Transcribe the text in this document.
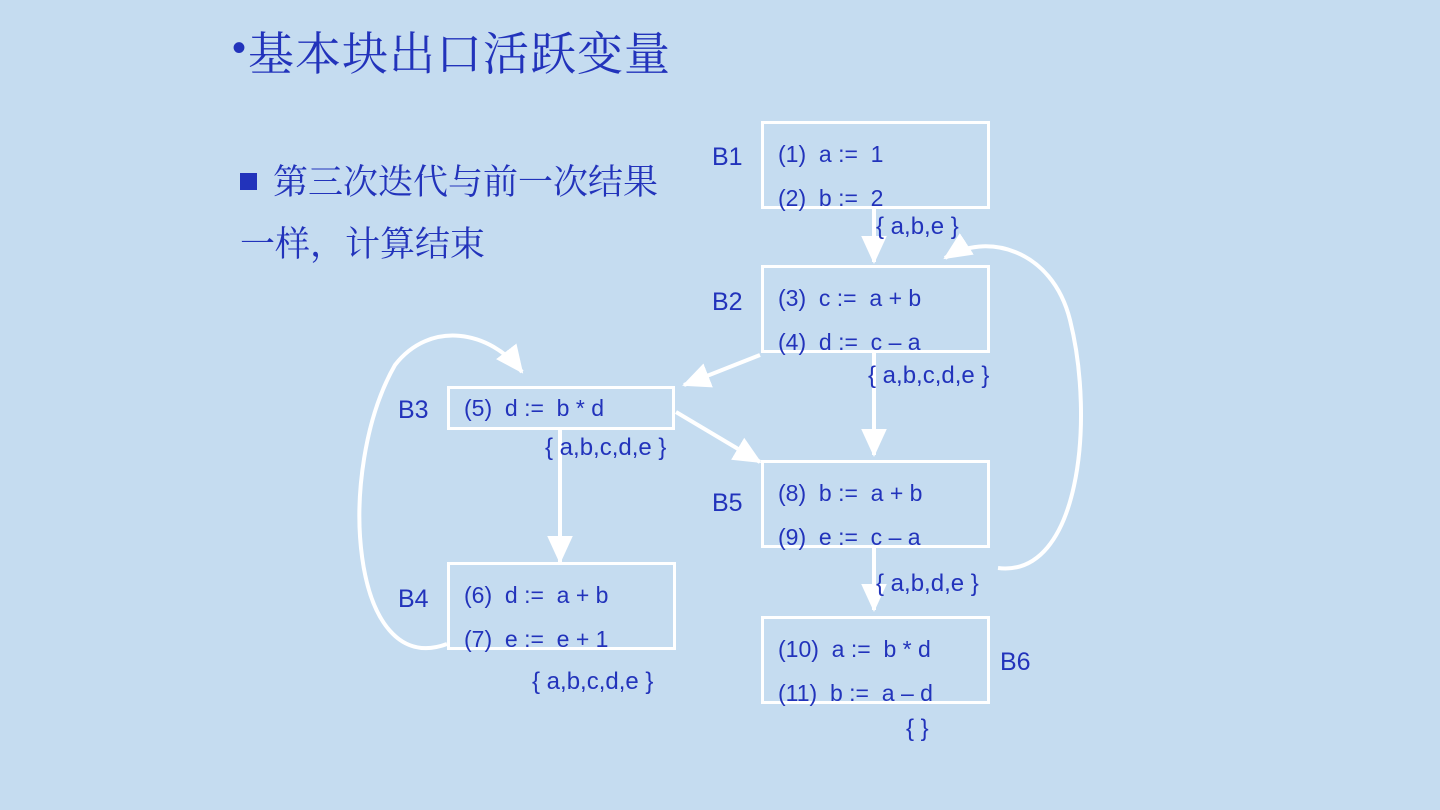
• 基本块出口活跃变量
第三次迭代与前一次结果一样，计算结束
(1)  a :=  1
(2)  b :=  2
B1
{ a,b,e }
(3)  c :=  a + b
(4)  d :=  c – a
B2
{ a,b,c,d,e }
(5)  d :=  b * d
B3
{ a,b,c,d,e }
(6)  d :=  a + b
(7)  e :=  e + 1
B4
{ a,b,c,d,e }
(8)  b :=  a + b
(9)  e :=  c – a
B5
{ a,b,d,e }
(10)  a :=  b * d
(11)  b :=  a – d
B6
{ }
